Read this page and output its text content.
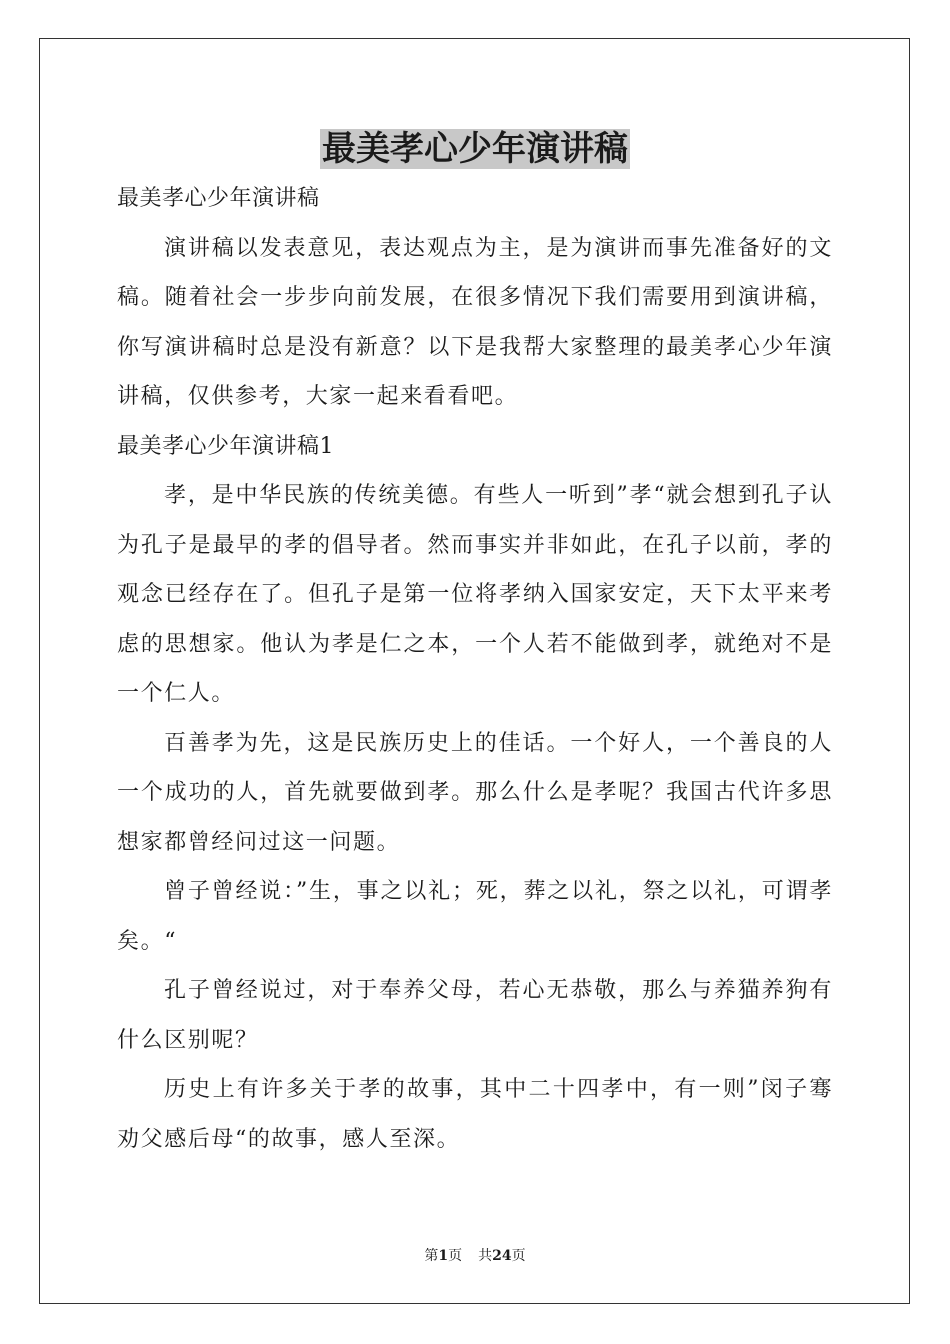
最美孝心少年演讲稿

最美孝心少年演讲稿

演讲稿以发表意见，表达观点为主，是为演讲而事先准备好的文稿。随着社会一步步向前发展，在很多情况下我们需要用到演讲稿，你写演讲稿时总是没有新意？以下是我帮大家整理的最美孝心少年演讲稿，仅供参考，大家一起来看看吧。

最美孝心少年演讲稿1

孝，是中华民族的传统美德。有些人一听到”孝“就会想到孔子认为孔子是最早的孝的倡导者。然而事实并非如此，在孔子以前，孝的观念已经存在了。但孔子是第一位将孝纳入国家安定，天下太平来考虑的思想家。他认为孝是仁之本，一个人若不能做到孝，就绝对不是一个仁人。

百善孝为先，这是民族历史上的佳话。一个好人，一个善良的人一个成功的人，首先就要做到孝。那么什么是孝呢？我国古代许多思想家都曾经问过这一问题。

曾子曾经说：”生，事之以礼；死，葬之以礼，祭之以礼，可谓孝矣。“

孔子曾经说过，对于奉养父母，若心无恭敬，那么与养猫养狗有什么区别呢？

历史上有许多关于孝的故事，其中二十四孝中，有一则”闵子骞劝父感后母“的故事，感人至深。

第1页 共24页
